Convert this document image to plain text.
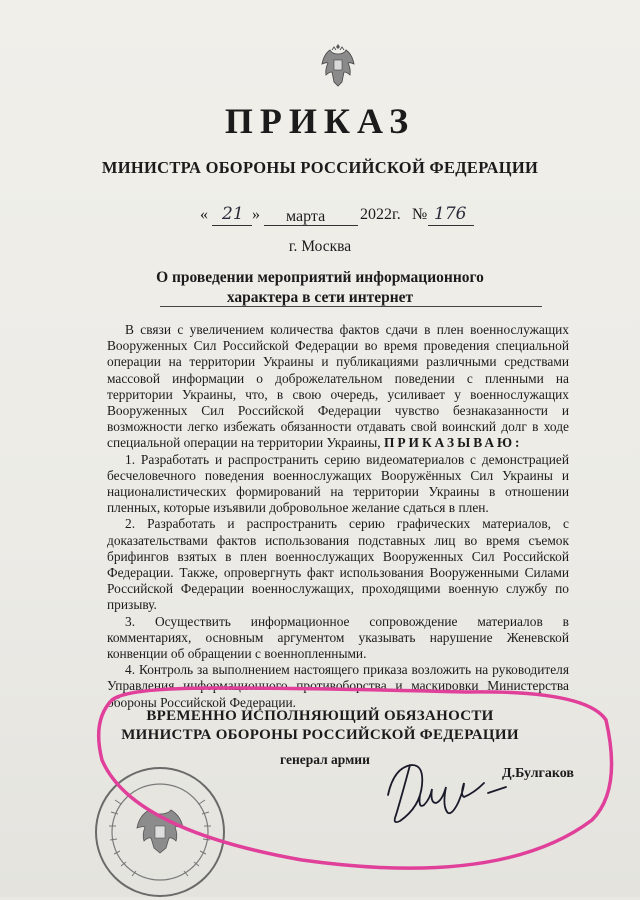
ПРИКАЗ
МИНИСТРА ОБОРОНЫ РОССИЙСКОЙ ФЕДЕРАЦИИ
« 21 » марта 2022г. № 176
г. Москва
О проведении мероприятий информационного
характера в сети интернет

В связи с увеличением количества фактов сдачи в плен военнослужащих Вооруженных Сил Российской Федерации во время проведения специальной операции на территории Украины и публикациями различными средствами массовой информации о доброжелательном поведении с пленными на территории Украины, что, в свою очередь, усиливает у военнослужащих Вооруженных Сил Российской Федерации чувство безнаказанности и возможности легко избежать обязанности отдавать свой воинский долг в ходе специальной операции на территории Украины, ПРИКАЗЫВАЮ:

1. Разработать и распространить серию видеоматериалов с демонстрацией бесчеловечного поведения военнослужащих Вооружённых Сил Украины и националистических формирований на территории Украины в отношении пленных, которые изъявили добровольное желание сдаться в плен.

2. Разработать и распространить серию графических материалов, с доказательствами фактов использования подставных лиц во время съемок брифингов взятых в плен военнослужащих Вооруженных Сил Российской Федерации. Также, опровергнуть факт использования Вооруженными Силами Российской Федерации военнослужащих, проходящими военную службу по призыву.

3. Осуществить информационное сопровождение материалов в комментариях, основным аргументом указывать нарушение Женевской конвенции об обращении с военнопленными.

4. Контроль за выполнением настоящего приказа возложить на руководителя Управления информационного противоборства и маскировки Министерства обороны Российской Федерации.

ВРЕМЕННО ИСПОЛНЯЮЩИЙ ОБЯЗАНОСТИ
МИНИСТРА ОБОРОНЫ РОССИЙСКОЙ ФЕДЕРАЦИИ
генерал армии
Д.Булгаков
